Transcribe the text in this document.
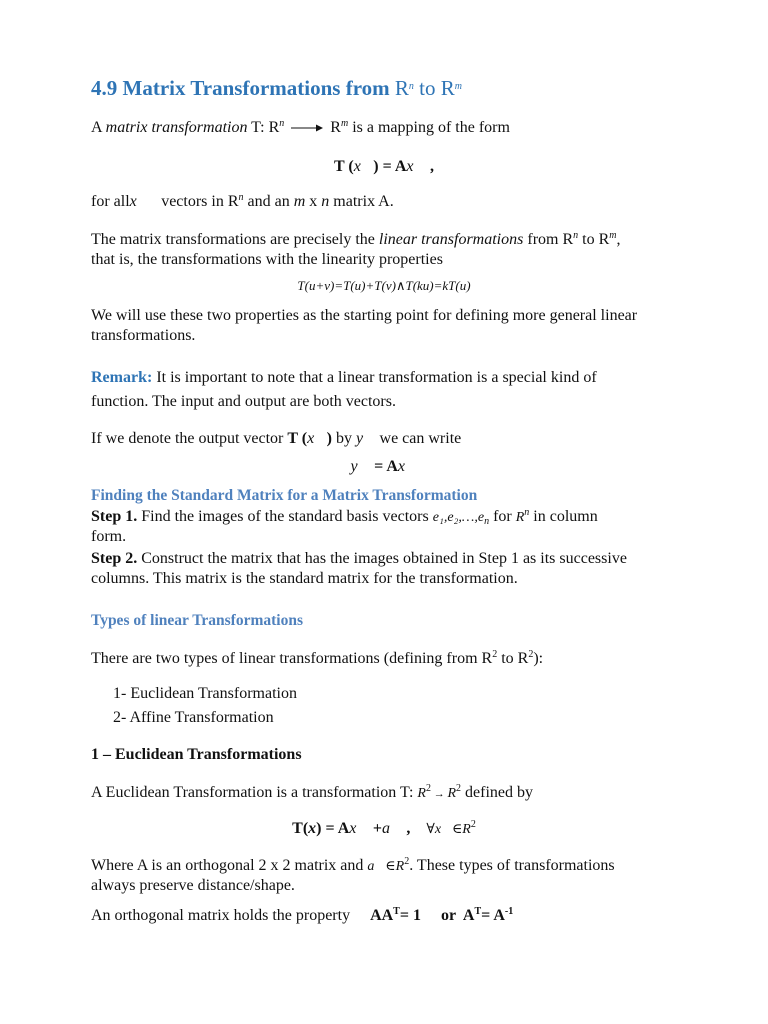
4.9 Matrix Transformations from $R^n$ to $R^m$
A matrix transformation T: $R^n$	$R^m$ is a mapping of the form
T (x⃗) = Ax⃗ ,
for allx⃗   vectors in $R^n$ and an m x n matrix A.
The matrix transformations are precisely the linear transformations from $R^n$ to $R^m$,
that is, the transformations with the linearity properties
T(u+v)=T(u)+T(v)∧T(ku)=kT(u)
We will use these two properties as the starting point for defining more general linear
transformations.
Remark: It is important to note that a linear transformation is a special kind of
function. The input and output are both vectors.
If we denote the output vector T (x⃗) by y⃗ we can write
y⃗ = Ax⃗
Finding the Standard Matrix for a Matrix Transformation
Step 1. Find the images of the standard basis vectors $e_1,e_2,\dots,e_n$ for $R^n$ in column
form.
Step 2. Construct the matrix that has the images obtained in Step 1 as its successive
columns. This matrix is the standard matrix for the transformation.
Types of linear Transformations
There are two types of linear transformations (defining from $R^2$ to $R^2$):
1- Euclidean Transformation
2- Affine Transformation
1 – Euclidean Transformations
A Euclidean Transformation is a transformation T: $R^2 \to R^2$ defined by
T(x) = Ax⃗ +a⃗ ,    $\forall x⃗\in R^2$
Where A is an orthogonal 2 x 2 matrix and $a⃗\in R^2$. These types of transformations
always preserve distance/shape.
An orthogonal matrix holds the property     $AA^T= 1$     or  $A^T= A^{-1}$
